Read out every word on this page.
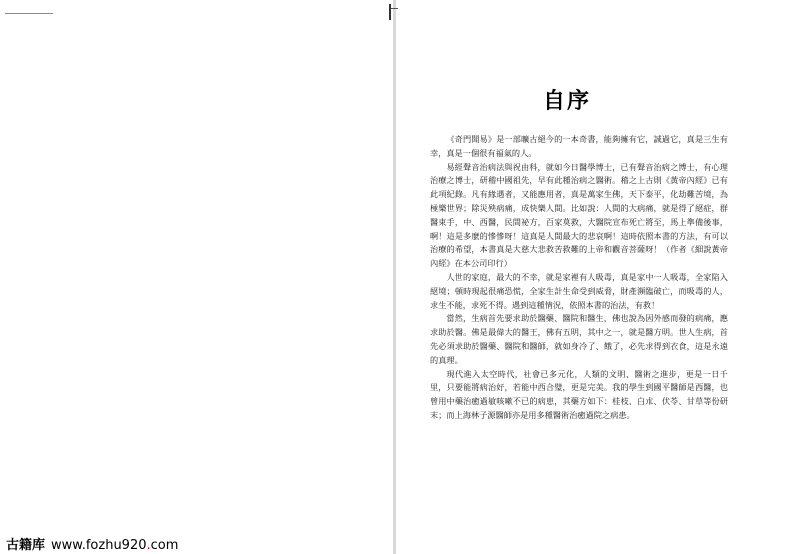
自序

《奇門聞易》是一部曠古絕今的一本奇書，能夠擁有它，誠過它，真是三生有幸，真是一個很有福氣的人。

易經聲音治病法與祝由科，就如今日醫學博士，已有聲音治病之博士，有心理治療之博士，研稽中國祖先，早有此種治病之醫術。稽之上古則《黃帝內經》已有此項紀錄。凡有緣遇者，又能應用者，真是萬家生佛，天下泰平，化劫難苦境，為極樂世界；除災殃病痛，成快樂人間。比如說：人間的大病痛，就是得了絕症，群醫束手，中、西醫，民間祕方，百家莫救，大醫院宣布死亡將至，馬上準備後事，啊！這是多麼的慘慘呀！這真是人間最大的悲哀啊！這時依照本書的方法，有可以治療的希望，本書真是大慈大悲救苦救難的上帝和觀音菩薩呀！（作者《細說黃帝內經》在本公司印行）

人世的家庭，最大的不幸，就是家裡有人吸毒，真是家中一人吸毒，全家陷入絕境；頓時現起很痛恐慌，全家生計生命受到威脅，財產瀕臨破亡，而吸毒的人，求生不能，求死不得。遇到這種情況，依照本書的治法，有救！

當然，生病首先要求助於醫藥、醫院和醫生，佛也說為因外感而發的病痛，應求助於醫。佛是最偉大的醫王，佛有五明，其中之一，就是醫方明。世人生病，首先必須求助於醫藥、醫院和醫師，就如身冷了、餓了，必先求得到衣食，這是永遠的真理。

現代進入太空時代，社會已多元化，人類的文明、醫術之進步，更是一日千里，只要能將病治好，若能中西合璧，更是完美。我的學生到國平醫師是西醫，也曾用中藥治癒過敏咳嗽不已的病患，其藥方如下：桂枝、白朮、伏苓、甘草等份研末；而上海林子源醫師亦是用多種醫術治癒過院之病患。

古籍库 www.fozhu920.com
